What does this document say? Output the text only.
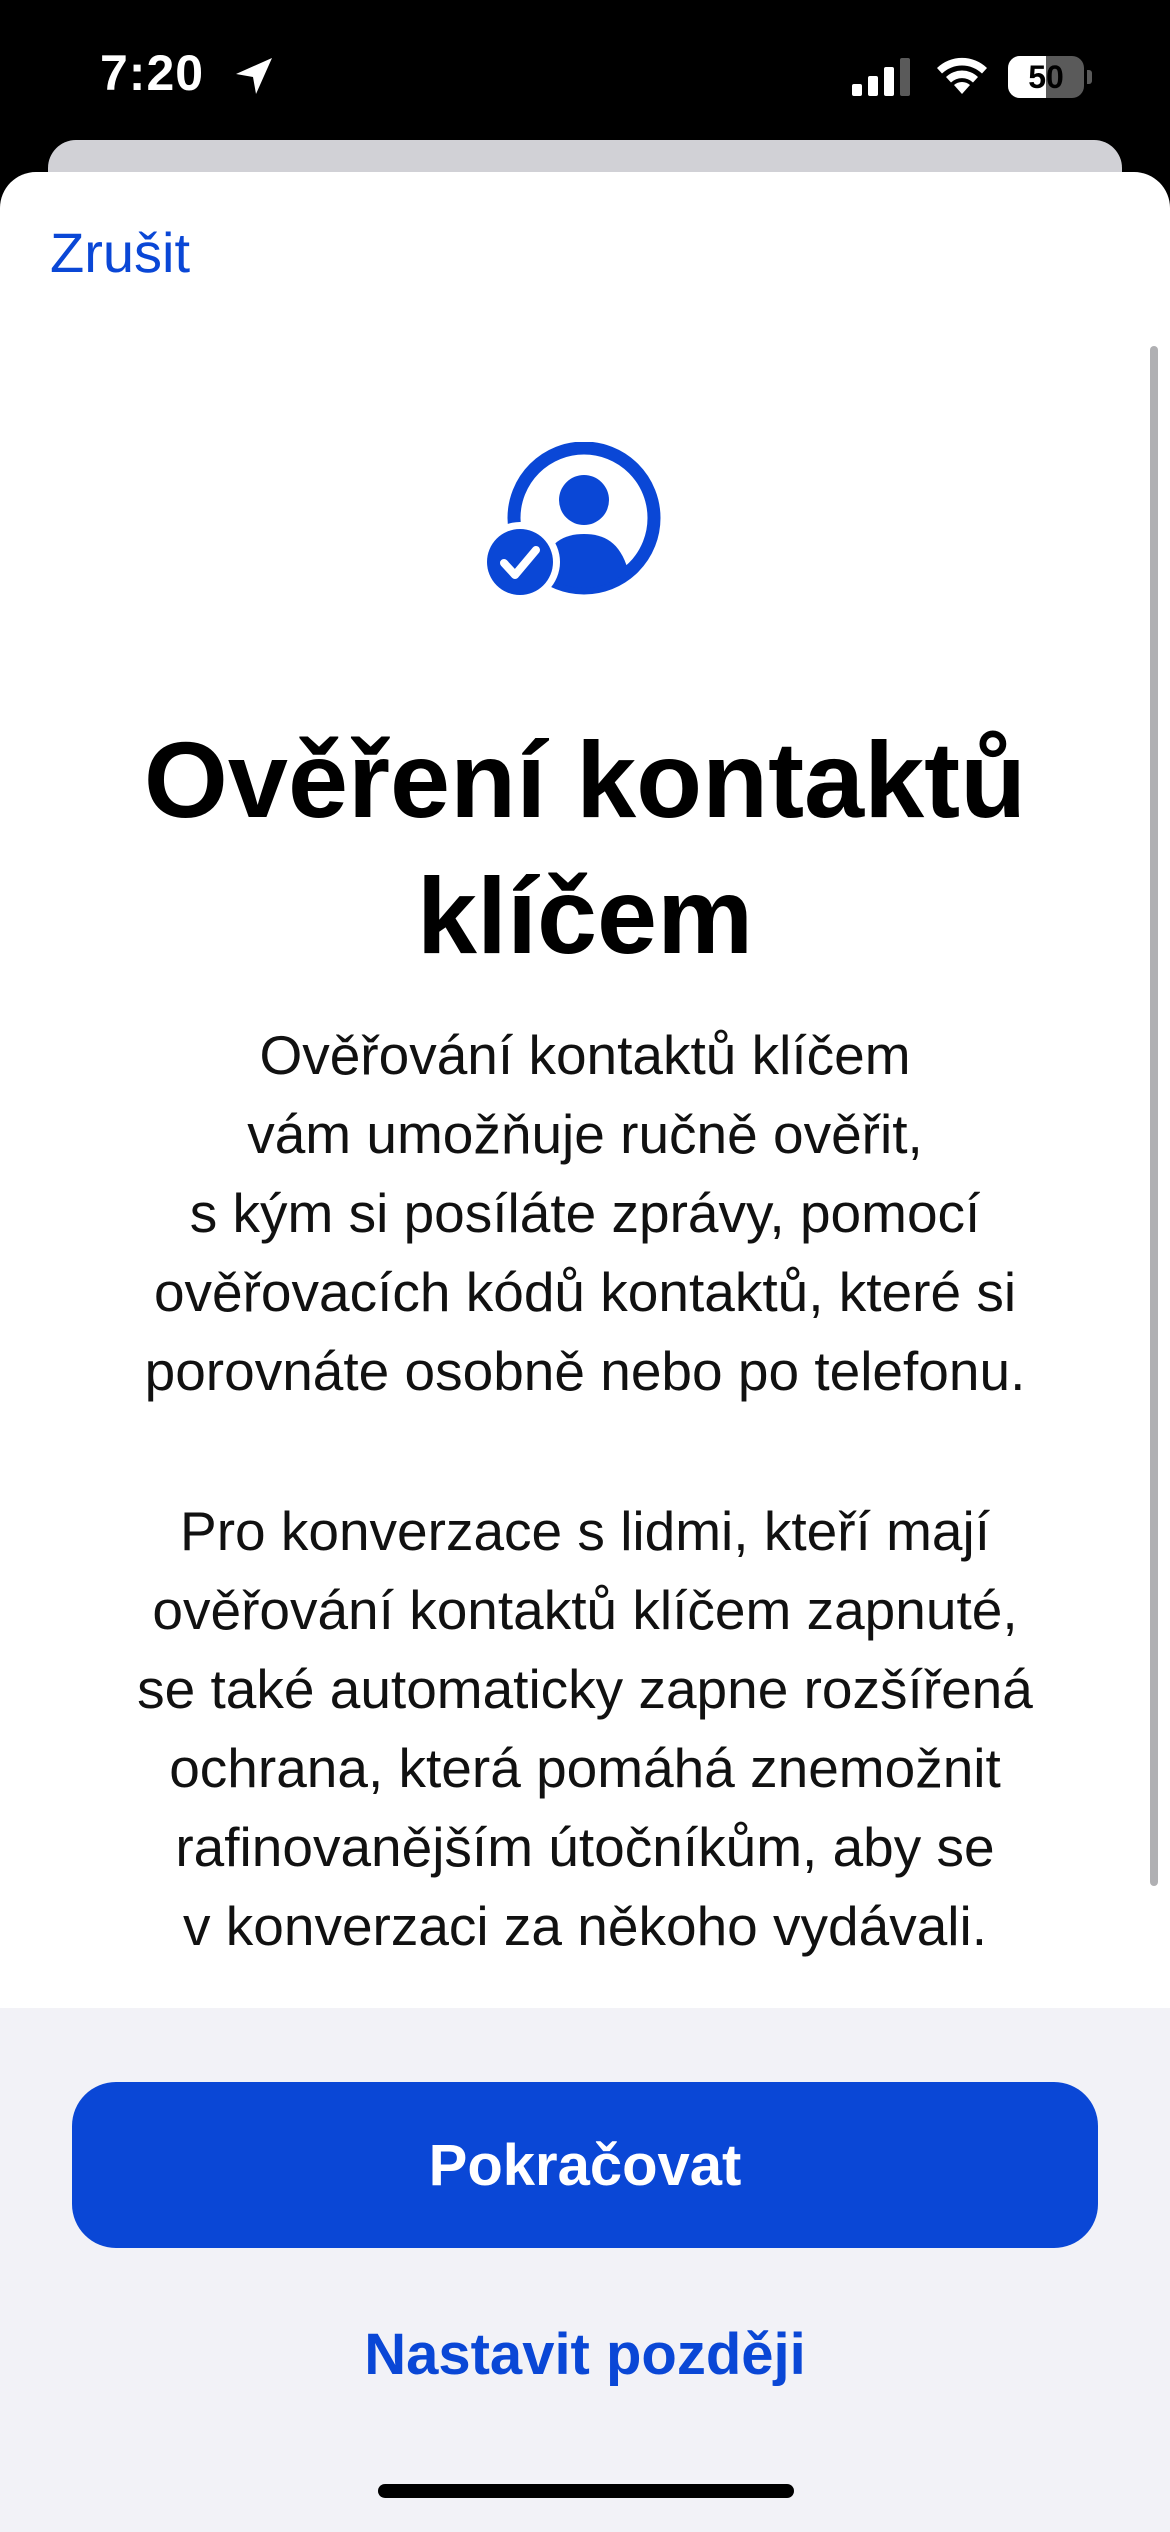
7:20	50
Zrušit
Ověření kontaktů
klíčem
Ověřování kontaktů klíčem
vám umožňuje ručně ověřit,
s kým si posíláte zprávy, pomocí
ověřovacích kódů kontaktů, které si
porovnáte osobně nebo po telefonu.
Pro konverzace s lidmi, kteří mají
ověřování kontaktů klíčem zapnuté,
se také automaticky zapne rozšířená
ochrana, která pomáhá znemožnit
rafinovanějším útočníkům, aby se
v konverzaci za někoho vydávali.
Pokračovat
Nastavit později
